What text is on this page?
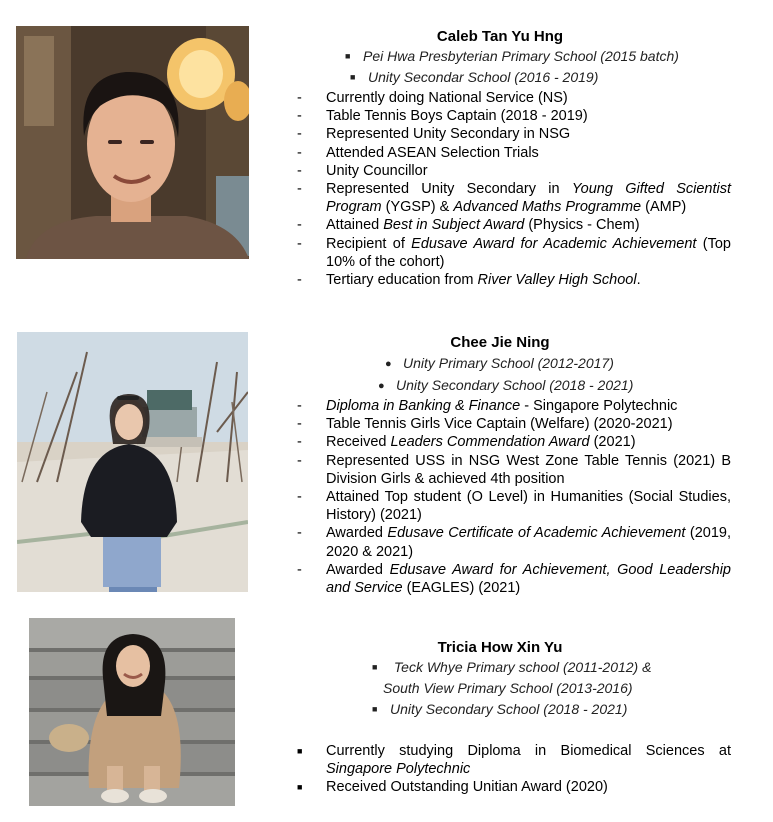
Caleb Tan Yu Hng
■ Pei Hwa Presbyterian Primary School (2015 batch)
■ Unity Secondar School (2016 - 2019)
-	Currently doing National Service (NS)
-	Table Tennis Boys Captain (2018 - 2019)
-	Represented Unity Secondary in NSG
-	Attended ASEAN Selection Trials
-	Unity Councillor
-	Represented Unity Secondary in Young Gifted Scientist Program (YGSP) & Advanced Maths Programme (AMP)
-	Attained Best in Subject Award (Physics - Chem)
-	Recipient of Edusave Award for Academic Achievement (Top 10% of the cohort)
-	Tertiary education from River Valley High School.
Chee Jie Ning
● Unity Primary School (2012-2017)
● Unity Secondary School (2018 - 2021)
-	Diploma in Banking & Finance - Singapore Polytechnic
-	Table Tennis Girls Vice Captain (Welfare) (2020-2021)
-	Received Leaders Commendation Award (2021)
-	Represented USS in NSG West Zone Table Tennis (2021) B Division Girls & achieved 4th position
-	Attained Top student (O Level) in Humanities (Social Studies, History) (2021)
-	Awarded Edusave Certificate of Academic Achievement (2019, 2020 & 2021)
-	Awarded Edusave Award for Achievement, Good Leadership and Service (EAGLES) (2021)
Tricia How Xin Yu
■ Teck Whye Primary school (2011-2012) &
South View Primary School (2013-2016)
■ Unity Secondary School (2018 - 2021)
■	Currently studying Diploma in Biomedical Sciences at Singapore Polytechnic
■	Received Outstanding Unitian Award (2020)
